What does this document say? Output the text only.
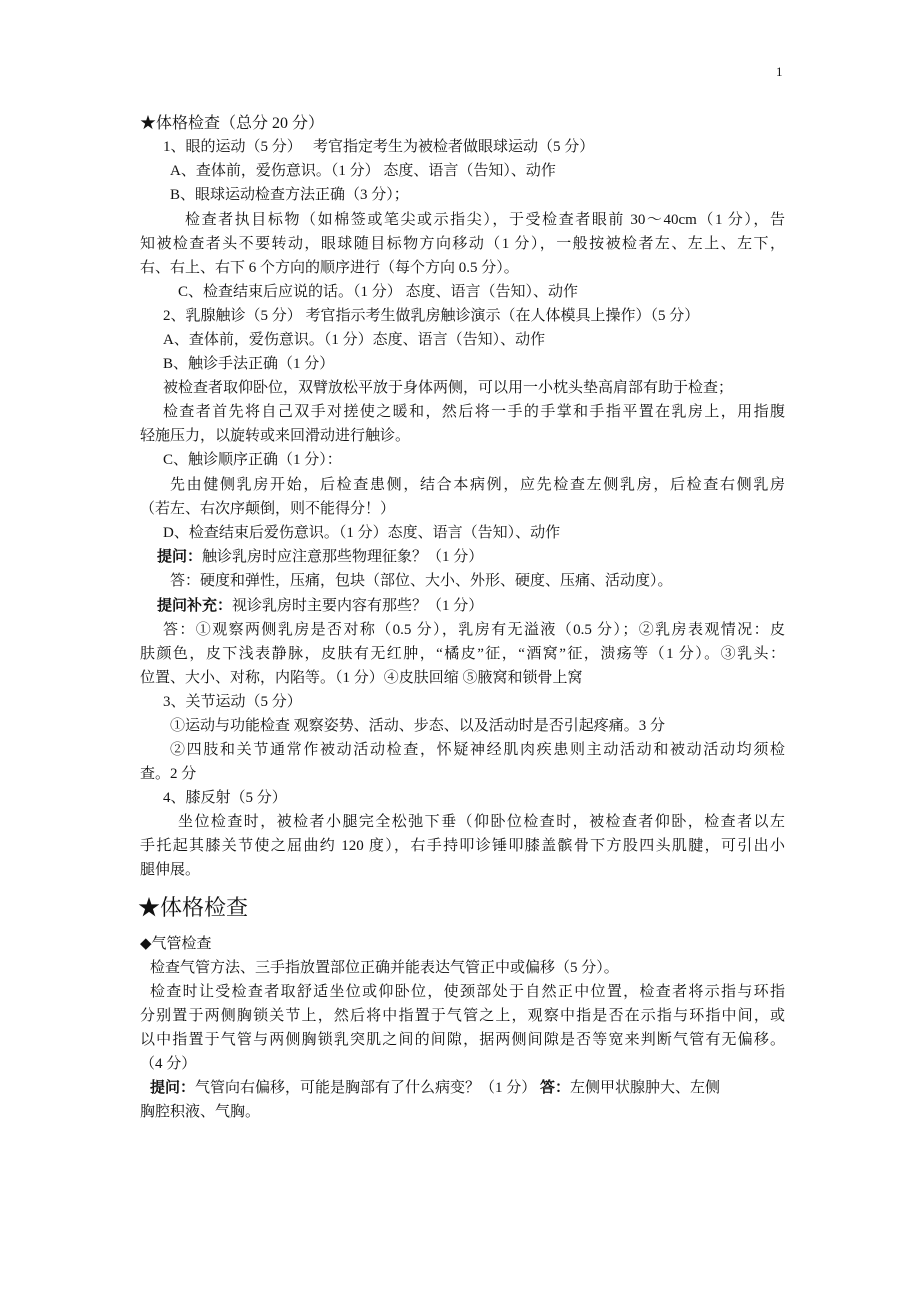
1
★体格检查（总分 20 分）
1、眼的运动（5 分）　 考官指定考生为被检者做眼球运动（5 分）
A、查体前，爱伤意识。（1 分） 态度、语言（告知）、动作
B、眼球运动检查方法正确（3 分）；
检查者执目标物（如棉签或笔尖或示指尖），于受检查者眼前 30～40cm（1 分），告
知被检查者头不要转动，眼球随目标物方向移动（1 分），一般按被检者左、左上、左下，
右、右上、右下 6 个方向的顺序进行（每个方向 0.5 分）。
C、检查结束后应说的话。（1 分） 态度、语言（告知）、动作
2、乳腺触诊（5 分） 考官指示考生做乳房触诊演示（在人体模具上操作）（5 分）
A、查体前，爱伤意识。（1 分）态度、语言（告知）、动作
B、触诊手法正确（1 分）
被检查者取仰卧位，双臂放松平放于身体两侧，可以用一小枕头垫高肩部有助于检查；
检查者首先将自己双手对搓使之暖和，然后将一手的手掌和手指平置在乳房上，用指腹
轻施压力，以旋转或来回滑动进行触诊。
C、触诊顺序正确（1 分）：
先由健侧乳房开始，后检查患侧，结合本病例，应先检查左侧乳房，后检查右侧乳房
（若左、右次序颠倒，则不能得分！）
D、检查结束后爱伤意识。（1 分）态度、语言（告知）、动作
提问：触诊乳房时应注意那些物理征象？（1 分）
答：硬度和弹性，压痛，包块（部位、大小、外形、硬度、压痛、活动度）。
提问补充：视诊乳房时主要内容有那些？（1 分）
答：①观察两侧乳房是否对称（0.5 分），乳房有无溢液（0.5 分）；②乳房表观情况：皮
肤颜色，皮下浅表静脉，皮肤有无红肿，“橘皮”征，“酒窝”征，溃疡等（1 分）。③乳头：
位置、大小、对称，内陷等。（1 分）④皮肤回缩 ⑤腋窝和锁骨上窝
3、关节运动（5 分）
①运动与功能检查 观察姿势、活动、步态、以及活动时是否引起疼痛。3 分
②四肢和关节通常作被动活动检查，怀疑神经肌肉疾患则主动活动和被动活动均须检
查。2 分
4、膝反射（5 分）
坐位检查时，被检者小腿完全松弛下垂（仰卧位检查时，被检查者仰卧，检查者以左
手托起其膝关节使之屈曲约 120 度），右手持叩诊锤叩膝盖髌骨下方股四头肌腱，可引出小
腿伸展。
★体格检查
◆气管检查
检查气管方法、三手指放置部位正确并能表达气管正中或偏移（5 分）。
检查时让受检查者取舒适坐位或仰卧位，使颈部处于自然正中位置，检查者将示指与环指
分别置于两侧胸锁关节上，然后将中指置于气管之上，观察中指是否在示指与环指中间，或
以中指置于气管与两侧胸锁乳突肌之间的间隙，据两侧间隙是否等宽来判断气管有无偏移。
（4 分）
提问：气管向右偏移，可能是胸部有了什么病变？（1 分） 答：左侧甲状腺肿大、左侧
胸腔积液、气胸。
